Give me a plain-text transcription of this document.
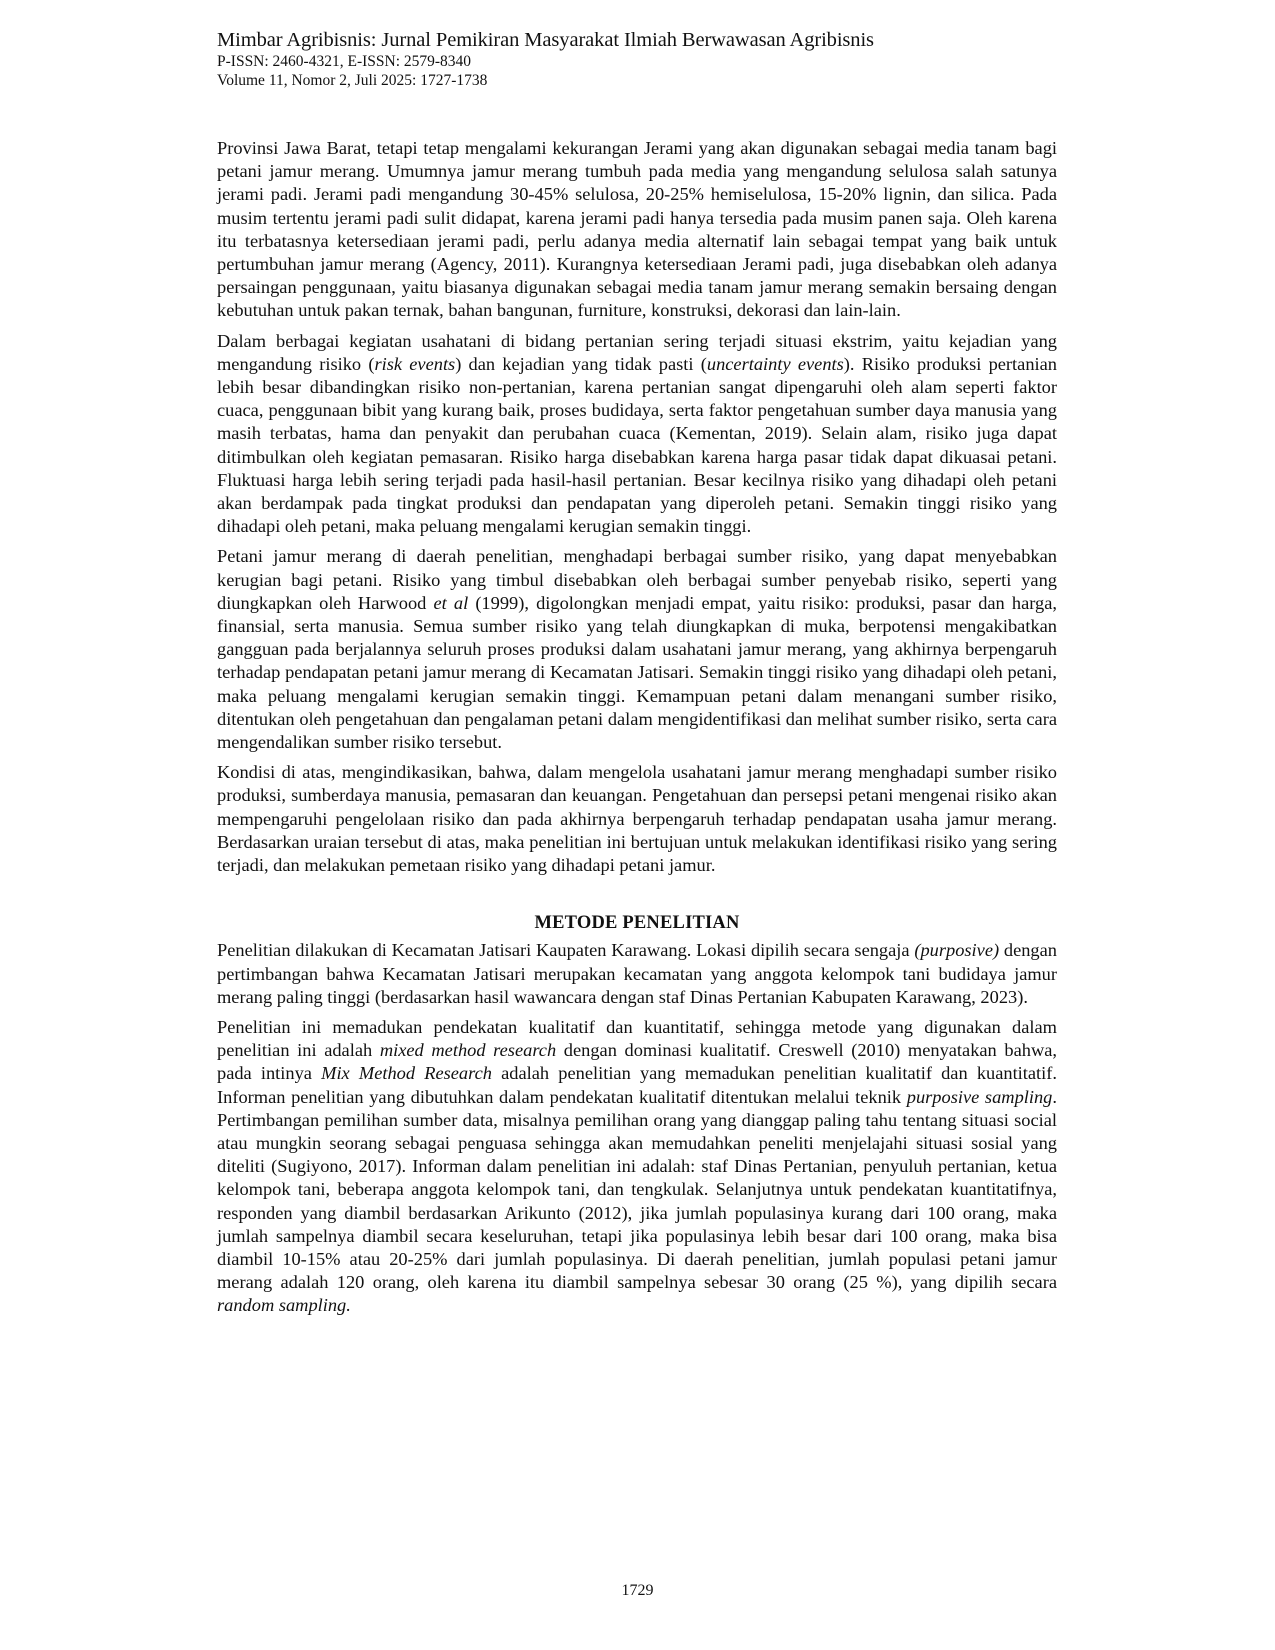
Mimbar Agribisnis: Jurnal Pemikiran Masyarakat Ilmiah Berwawasan Agribisnis
P-ISSN: 2460-4321, E-ISSN: 2579-8340
Volume 11, Nomor 2, Juli 2025: 1727-1738

Provinsi Jawa Barat, tetapi tetap mengalami kekurangan Jerami yang akan digunakan sebagai media tanam bagi petani jamur merang. Umumnya jamur merang tumbuh pada media yang mengandung selulosa salah satunya jerami padi. Jerami padi mengandung 30-45% selulosa, 20-25% hemiselulosa, 15-20% lignin, dan silica. Pada musim tertentu jerami padi sulit didapat, karena jerami padi hanya tersedia pada musim panen saja. Oleh karena itu terbatasnya ketersediaan jerami padi, perlu adanya media alternatif lain sebagai tempat yang baik untuk pertumbuhan jamur merang (Agency, 2011). Kurangnya ketersediaan Jerami padi, juga disebabkan oleh adanya persaingan penggunaan, yaitu biasanya digunakan sebagai media tanam jamur merang semakin bersaing dengan kebutuhan untuk pakan ternak, bahan bangunan, furniture, konstruksi, dekorasi dan lain-lain.

Dalam berbagai kegiatan usahatani di bidang pertanian sering terjadi situasi ekstrim, yaitu kejadian yang mengandung risiko (risk events) dan kejadian yang tidak pasti (uncertainty events). Risiko produksi pertanian lebih besar dibandingkan risiko non-pertanian, karena pertanian sangat dipengaruhi oleh alam seperti faktor cuaca, penggunaan bibit yang kurang baik, proses budidaya, serta faktor pengetahuan sumber daya manusia yang masih terbatas, hama dan penyakit dan perubahan cuaca (Kementan, 2019). Selain alam, risiko juga dapat ditimbulkan oleh kegiatan pemasaran. Risiko harga disebabkan karena harga pasar tidak dapat dikuasai petani. Fluktuasi harga lebih sering terjadi pada hasil-hasil pertanian. Besar kecilnya risiko yang dihadapi oleh petani akan berdampak pada tingkat produksi dan pendapatan yang diperoleh petani. Semakin tinggi risiko yang dihadapi oleh petani, maka peluang mengalami kerugian semakin tinggi.

Petani jamur merang di daerah penelitian, menghadapi berbagai sumber risiko, yang dapat menyebabkan kerugian bagi petani. Risiko yang timbul disebabkan oleh berbagai sumber penyebab risiko, seperti yang diungkapkan oleh Harwood et al (1999), digolongkan menjadi empat, yaitu risiko: produksi, pasar dan harga, finansial, serta manusia. Semua sumber risiko yang telah diungkapkan di muka, berpotensi mengakibatkan gangguan pada berjalannya seluruh proses produksi dalam usahatani jamur merang, yang akhirnya berpengaruh terhadap pendapatan petani jamur merang di Kecamatan Jatisari. Semakin tinggi risiko yang dihadapi oleh petani, maka peluang mengalami kerugian semakin tinggi. Kemampuan petani dalam menangani sumber risiko, ditentukan oleh pengetahuan dan pengalaman petani dalam mengidentifikasi dan melihat sumber risiko, serta cara mengendalikan sumber risiko tersebut.

Kondisi di atas, mengindikasikan, bahwa, dalam mengelola usahatani jamur merang menghadapi sumber risiko produksi, sumberdaya manusia, pemasaran dan keuangan. Pengetahuan dan persepsi petani mengenai risiko akan mempengaruhi pengelolaan risiko dan pada akhirnya berpengaruh terhadap pendapatan usaha jamur merang. Berdasarkan uraian tersebut di atas, maka penelitian ini bertujuan untuk melakukan identifikasi risiko yang sering terjadi, dan melakukan pemetaan risiko yang dihadapi petani jamur.

METODE PENELITIAN

Penelitian dilakukan di Kecamatan Jatisari Kaupaten Karawang. Lokasi dipilih secara sengaja (purposive) dengan pertimbangan bahwa Kecamatan Jatisari merupakan kecamatan yang anggota kelompok tani budidaya jamur merang paling tinggi (berdasarkan hasil wawancara dengan staf Dinas Pertanian Kabupaten Karawang, 2023).

Penelitian ini memadukan pendekatan kualitatif dan kuantitatif, sehingga metode yang digunakan dalam penelitian ini adalah mixed method research dengan dominasi kualitatif. Creswell (2010) menyatakan bahwa, pada intinya Mix Method Research adalah penelitian yang memadukan penelitian kualitatif dan kuantitatif. Informan penelitian yang dibutuhkan dalam pendekatan kualitatif ditentukan melalui teknik purposive sampling. Pertimbangan pemilihan sumber data, misalnya pemilihan orang yang dianggap paling tahu tentang situasi social atau mungkin seorang sebagai penguasa sehingga akan memudahkan peneliti menjelajahi situasi sosial yang diteliti (Sugiyono, 2017). Informan dalam penelitian ini adalah: staf Dinas Pertanian, penyuluh pertanian, ketua kelompok tani, beberapa anggota kelompok tani, dan tengkulak. Selanjutnya untuk pendekatan kuantitatifnya, responden yang diambil berdasarkan Arikunto (2012), jika jumlah populasinya kurang dari 100 orang, maka jumlah sampelnya diambil secara keseluruhan, tetapi jika populasinya lebih besar dari 100 orang, maka bisa diambil 10-15% atau 20-25% dari jumlah populasinya. Di daerah penelitian, jumlah populasi petani jamur merang adalah 120 orang, oleh karena itu diambil sampelnya sebesar 30 orang (25 %), yang dipilih secara random sampling.

1729
